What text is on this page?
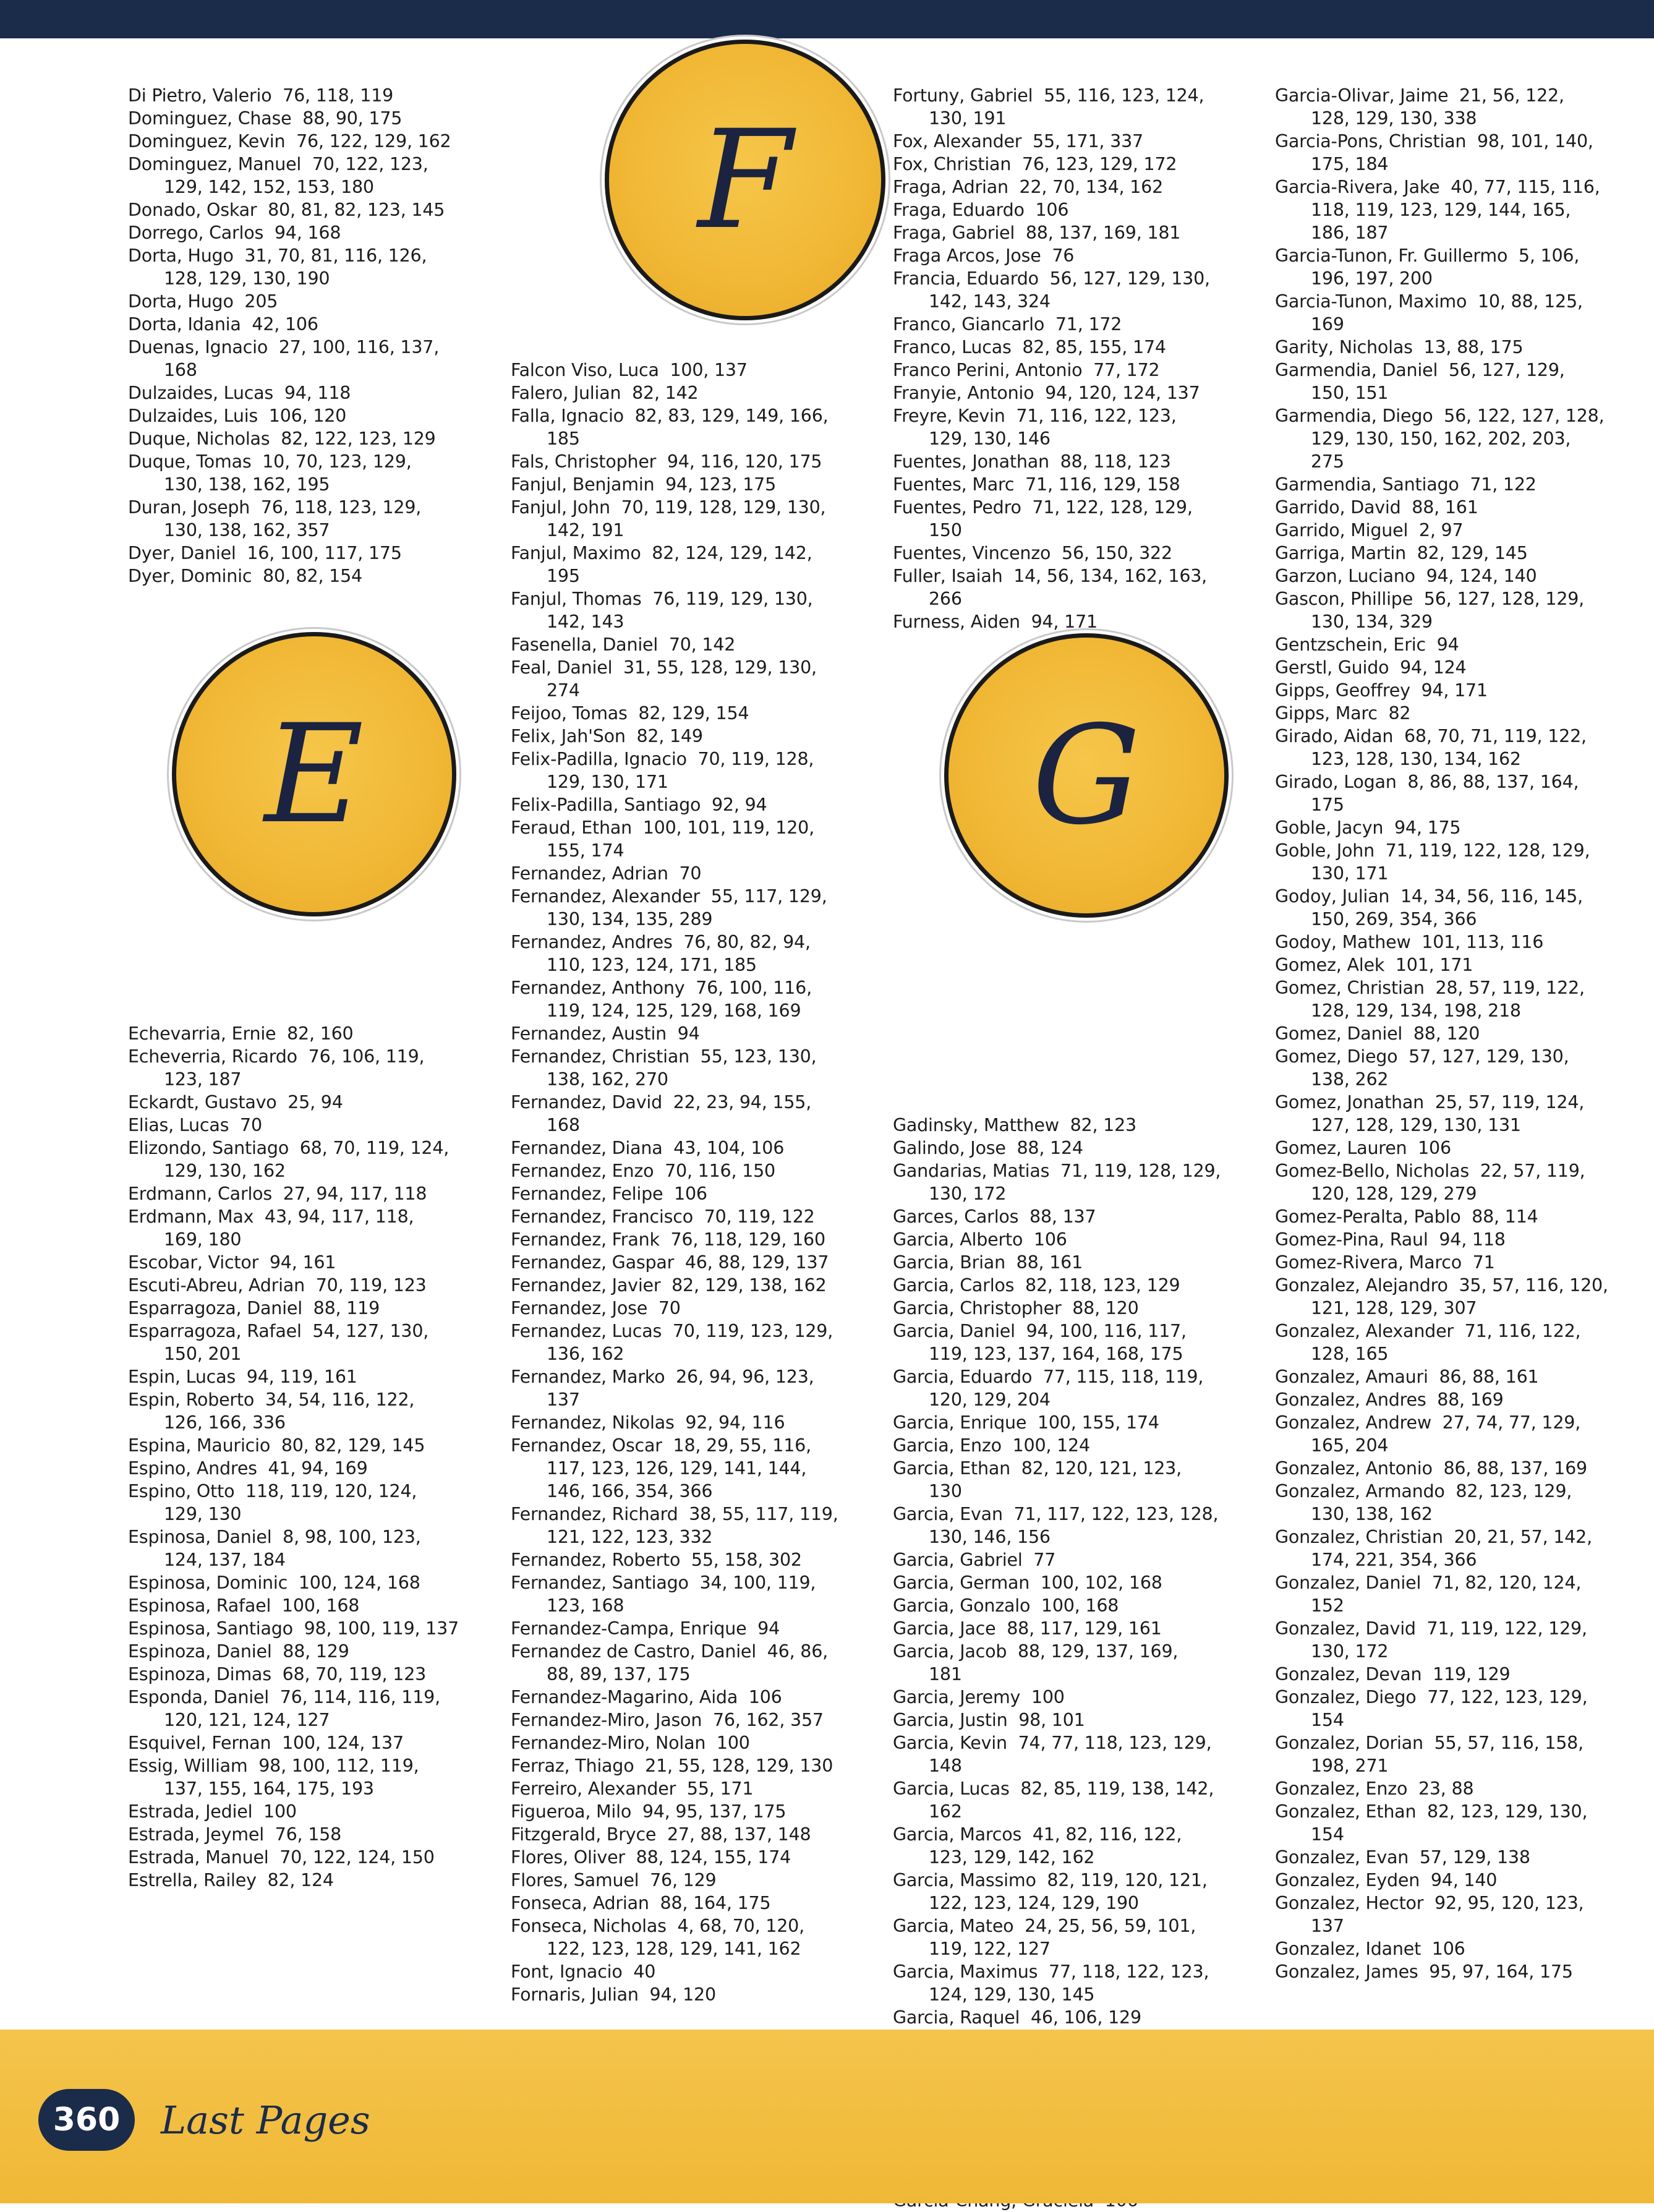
Di Pietro, Valerio 76, 118, 119
Dominguez, Chase 88, 90, 175
Dominguez, Kevin 76, 122, 129, 162
Dominguez, Manuel 70, 122, 123,
129, 142, 152, 153, 180
Donado, Oskar 80, 81, 82, 123, 145
Dorrego, Carlos 94, 168
Dorta, Hugo 31, 70, 81, 116, 126,
128, 129, 130, 190
Dorta, Hugo 205
Dorta, Idania 42, 106
Duenas, Ignacio 27, 100, 116, 137,
168
Dulzaides, Lucas 94, 118
Dulzaides, Luis 106, 120
Duque, Nicholas 82, 122, 123, 129
Duque, Tomas 10, 70, 123, 129,
130, 138, 162, 195
Duran, Joseph 76, 118, 123, 129,
130, 138, 162, 357
Dyer, Daniel 16, 100, 117, 175
Dyer, Dominic 80, 82, 154
Echevarria, Ernie 82, 160
Echeverria, Ricardo 76, 106, 119,
123, 187
Eckardt, Gustavo 25, 94
Elias, Lucas 70
Elizondo, Santiago 68, 70, 119, 124,
129, 130, 162
Erdmann, Carlos 27, 94, 117, 118
Erdmann, Max 43, 94, 117, 118,
169, 180
Escobar, Victor 94, 161
Escuti-Abreu, Adrian 70, 119, 123
Esparragoza, Daniel 88, 119
Esparragoza, Rafael 54, 127, 130,
150, 201
Espin, Lucas 94, 119, 161
Espin, Roberto 34, 54, 116, 122,
126, 166, 336
Espina, Mauricio 80, 82, 129, 145
Espino, Andres 41, 94, 169
Espino, Otto 118, 119, 120, 124,
129, 130
Espinosa, Daniel 8, 98, 100, 123,
124, 137, 184
Espinosa, Dominic 100, 124, 168
Espinosa, Rafael 100, 168
Espinosa, Santiago 98, 100, 119, 137
Espinoza, Daniel 88, 129
Espinoza, Dimas 68, 70, 119, 123
Esponda, Daniel 76, 114, 116, 119,
120, 121, 124, 127
Esquivel, Fernan 100, 124, 137
Essig, William 98, 100, 112, 119,
137, 155, 164, 175, 193
Estrada, Jediel 100
Estrada, Jeymel 76, 158
Estrada, Manuel 70, 122, 124, 150
Estrella, Railey 82, 124
Falcon Viso, Luca 100, 137
Falero, Julian 82, 142
Falla, Ignacio 82, 83, 129, 149, 166,
185
Fals, Christopher 94, 116, 120, 175
Fanjul, Benjamin 94, 123, 175
Fanjul, John 70, 119, 128, 129, 130,
142, 191
Fanjul, Maximo 82, 124, 129, 142,
195
Fanjul, Thomas 76, 119, 129, 130,
142, 143
Fasenella, Daniel 70, 142
Feal, Daniel 31, 55, 128, 129, 130,
274
Feijoo, Tomas 82, 129, 154
Felix, Jah'Son 82, 149
Felix-Padilla, Ignacio 70, 119, 128,
129, 130, 171
Felix-Padilla, Santiago 92, 94
Feraud, Ethan 100, 101, 119, 120,
155, 174
Fernandez, Adrian 70
Fernandez, Alexander 55, 117, 129,
130, 134, 135, 289
Fernandez, Andres 76, 80, 82, 94,
110, 123, 124, 171, 185
Fernandez, Anthony 76, 100, 116,
119, 124, 125, 129, 168, 169
Fernandez, Austin 94
Fernandez, Christian 55, 123, 130,
138, 162, 270
Fernandez, David 22, 23, 94, 155,
168
Fernandez, Diana 43, 104, 106
Fernandez, Enzo 70, 116, 150
Fernandez, Felipe 106
Fernandez, Francisco 70, 119, 122
Fernandez, Frank 76, 118, 129, 160
Fernandez, Gaspar 46, 88, 129, 137
Fernandez, Javier 82, 129, 138, 162
Fernandez, Jose 70
Fernandez, Lucas 70, 119, 123, 129,
136, 162
Fernandez, Marko 26, 94, 96, 123,
137
Fernandez, Nikolas 92, 94, 116
Fernandez, Oscar 18, 29, 55, 116,
117, 123, 126, 129, 141, 144,
146, 166, 354, 366
Fernandez, Richard 38, 55, 117, 119,
121, 122, 123, 332
Fernandez, Roberto 55, 158, 302
Fernandez, Santiago 34, 100, 119,
123, 168
Fernandez-Campa, Enrique 94
Fernandez de Castro, Daniel 46, 86,
88, 89, 137, 175
Fernandez-Magarino, Aida 106
Fernandez-Miro, Jason 76, 162, 357
Fernandez-Miro, Nolan 100
Ferraz, Thiago 21, 55, 128, 129, 130
Ferreiro, Alexander 55, 171
Figueroa, Milo 94, 95, 137, 175
Fitzgerald, Bryce 27, 88, 137, 148
Flores, Oliver 88, 124, 155, 174
Flores, Samuel 76, 129
Fonseca, Adrian 88, 164, 175
Fonseca, Nicholas 4, 68, 70, 120,
122, 123, 128, 129, 141, 162
Font, Ignacio 40
Fornaris, Julian 94, 120
Fortuny, Gabriel 55, 116, 123, 124,
130, 191
Fox, Alexander 55, 171, 337
Fox, Christian 76, 123, 129, 172
Fraga, Adrian 22, 70, 134, 162
Fraga, Eduardo 106
Fraga, Gabriel 88, 137, 169, 181
Fraga Arcos, Jose 76
Francia, Eduardo 56, 127, 129, 130,
142, 143, 324
Franco, Giancarlo 71, 172
Franco, Lucas 82, 85, 155, 174
Franco Perini, Antonio 77, 172
Franyie, Antonio 94, 120, 124, 137
Freyre, Kevin 71, 116, 122, 123,
129, 130, 146
Fuentes, Jonathan 88, 118, 123
Fuentes, Marc 71, 116, 129, 158
Fuentes, Pedro 71, 122, 128, 129,
150
Fuentes, Vincenzo 56, 150, 322
Fuller, Isaiah 14, 56, 134, 162, 163,
266
Furness, Aiden 94, 171
Gadinsky, Matthew 82, 123
Galindo, Jose 88, 124
Gandarias, Matias 71, 119, 128, 129,
130, 172
Garces, Carlos 88, 137
Garcia, Alberto 106
Garcia, Brian 88, 161
Garcia, Carlos 82, 118, 123, 129
Garcia, Christopher 88, 120
Garcia, Daniel 94, 100, 116, 117,
119, 123, 137, 164, 168, 175
Garcia, Eduardo 77, 115, 118, 119,
120, 129, 204
Garcia, Enrique 100, 155, 174
Garcia, Enzo 100, 124
Garcia, Ethan 82, 120, 121, 123,
130
Garcia, Evan 71, 117, 122, 123, 128,
130, 146, 156
Garcia, Gabriel 77
Garcia, German 100, 102, 168
Garcia, Gonzalo 100, 168
Garcia, Jace 88, 117, 129, 161
Garcia, Jacob 88, 129, 137, 169,
181
Garcia, Jeremy 100
Garcia, Justin 98, 101
Garcia, Kevin 74, 77, 118, 123, 129,
148
Garcia, Lucas 82, 85, 119, 138, 142,
162
Garcia, Marcos 41, 82, 116, 122,
123, 129, 142, 162
Garcia, Massimo 82, 119, 120, 121,
122, 123, 124, 129, 190
Garcia, Mateo 24, 25, 56, 59, 101,
119, 122, 127
Garcia, Maximus 77, 118, 122, 123,
124, 129, 130, 145
Garcia, Raquel 46, 106, 129

Garcia-Olivar, Jaime 21, 56, 122,
128, 129, 130, 338
Garcia-Pons, Christian 98, 101, 140,
175, 184
Garcia-Rivera, Jake 40, 77, 115, 116,
118, 119, 123, 129, 144, 165,
186, 187
Garcia-Tunon, Fr. Guillermo 5, 106,
196, 197, 200
Garcia-Tunon, Maximo 10, 88, 125,
169
Garity, Nicholas 13, 88, 175
Garmendia, Daniel 56, 127, 129,
150, 151
Garmendia, Diego 56, 122, 127, 128,
129, 130, 150, 162, 202, 203,
275
Garmendia, Santiago 71, 122
Garrido, David 88, 161
Garrido, Miguel 2, 97
Garriga, Martin 82, 129, 145
Garzon, Luciano 94, 124, 140
Gascon, Phillipe 56, 127, 128, 129,
130, 134, 329
Gentzschein, Eric 94
Gerstl, Guido 94, 124
Gipps, Geoffrey 94, 171
Gipps, Marc 82
Girado, Aidan 68, 70, 71, 119, 122,
123, 128, 130, 134, 162
Girado, Logan 8, 86, 88, 137, 164,
175
Goble, Jacyn 94, 175
Goble, John 71, 119, 122, 128, 129,
130, 171
Godoy, Julian 14, 34, 56, 116, 145,
150, 269, 354, 366
Godoy, Mathew 101, 113, 116
Gomez, Alek 101, 171
Gomez, Christian 28, 57, 119, 122,
128, 129, 134, 198, 218
Gomez, Daniel 88, 120
Gomez, Diego 57, 127, 129, 130,
138, 262
Gomez, Jonathan 25, 57, 119, 124,
127, 128, 129, 130, 131
Gomez, Lauren 106
Gomez-Bello, Nicholas 22, 57, 119,
120, 128, 129, 279
Gomez-Peralta, Pablo 88, 114
Gomez-Pina, Raul 94, 118
Gomez-Rivera, Marco 71
Gonzalez, Alejandro 35, 57, 116, 120,
121, 128, 129, 307
Gonzalez, Alexander 71, 116, 122,
128, 165
Gonzalez, Amauri 86, 88, 161
Gonzalez, Andres 88, 169
Gonzalez, Andrew 27, 74, 77, 129,
165, 204
Gonzalez, Antonio 86, 88, 137, 169
Gonzalez, Armando 82, 123, 129,
130, 138, 162
Gonzalez, Christian 20, 21, 57, 142,
174, 221, 354, 366
Gonzalez, Daniel 71, 82, 120, 124,
152
Gonzalez, David 71, 119, 122, 129,
130, 172
Gonzalez, Devan 119, 129
Gonzalez, Diego 77, 122, 123, 129,
154
Gonzalez, Dorian 55, 57, 116, 158,
198, 271
Gonzalez, Enzo 23, 88
Gonzalez, Ethan 82, 123, 129, 130,
154
Gonzalez, Evan 57, 129, 138
Gonzalez, Eyden 94, 140
Gonzalez, Hector 92, 95, 120, 123,
137
Gonzalez, Idanet 106
Gonzalez, James 95, 97, 164, 175
F
E	G
360	Last Pages
